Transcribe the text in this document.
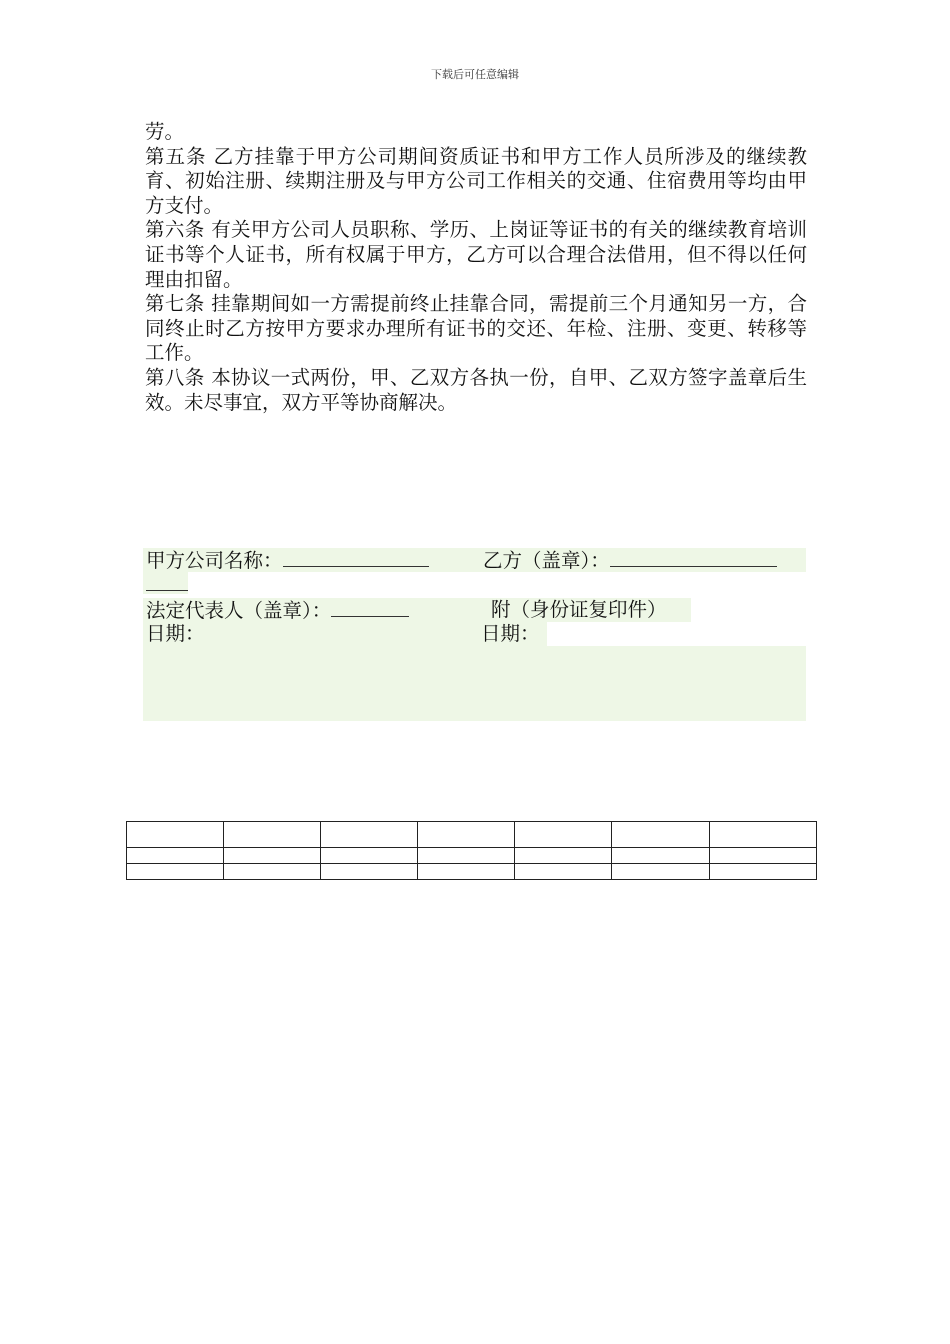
下载后可任意编辑

劳。

第五条 乙方挂靠于甲方公司期间资质证书和甲方工作人员所涉及的继续教育、初始注册、续期注册及与甲方公司工作相关的交通、住宿费用等均由甲方支付。

第六条 有关甲方公司人员职称、学历、上岗证等证书的有关的继续教育培训证书等个人证书，所有权属于甲方，乙方可以合理合法借用，但不得以任何理由扣留。

第七条 挂靠期间如一方需提前终止挂靠合同，需提前三个月通知另一方，合同终止时乙方按甲方要求办理所有证书的交还、年检、注册、变更、转移等工作。

第八条 本协议一式两份，甲、乙双方各执一份，自甲、乙双方签字盖章后生效。未尽事宜，双方平等协商解决。

甲方公司名称：	乙方（盖章）：
法定代表人（盖章）：	附（身份证复印件）
日期：	日期：
